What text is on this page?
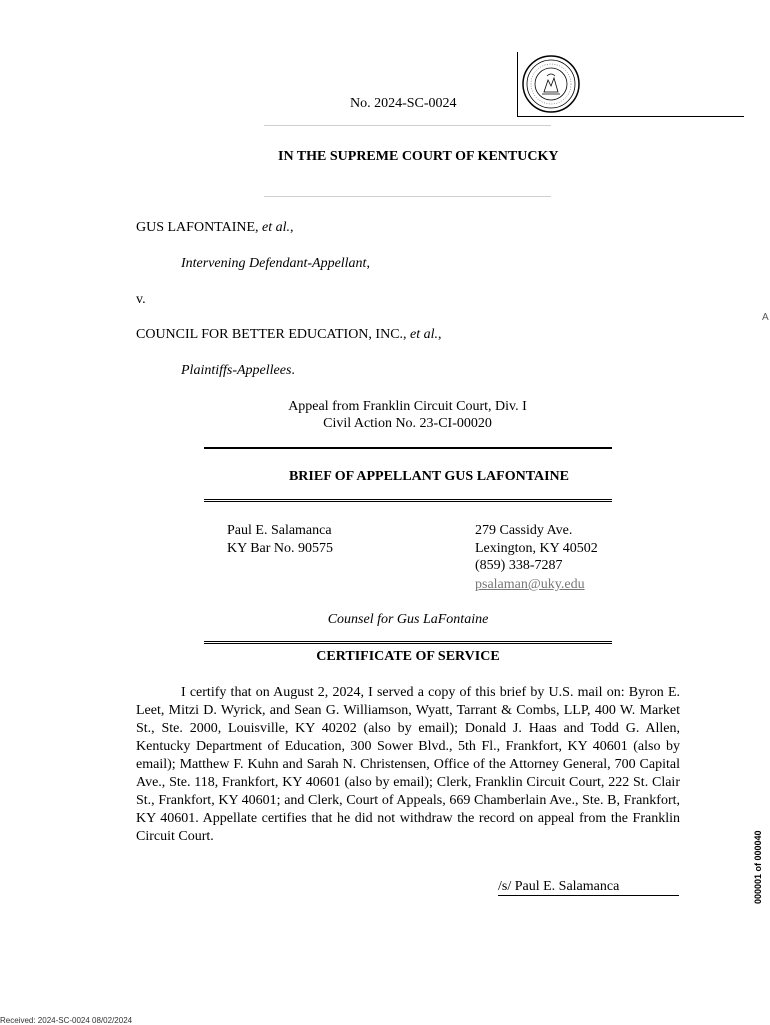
No. 2024-SC-0024
IN THE SUPREME COURT OF KENTUCKY
GUS LAFONTAINE, et al.,
Intervening Defendant-Appellant,
v.
COUNCIL FOR BETTER EDUCATION, INC., et al.,
Plaintiffs-Appellees.
Appeal from Franklin Circuit Court, Div. I
Civil Action No. 23-CI-00020
BRIEF OF APPELLANT GUS LAFONTAINE
Paul E. Salamanca
KY Bar No. 90575
279 Cassidy Ave.
Lexington, KY 40502
(859) 338-7287
psalaman@uky.edu
Counsel for Gus LaFontaine
CERTIFICATE OF SERVICE
I certify that on August 2, 2024, I served a copy of this brief by U.S. mail on: Byron E. Leet, Mitzi D. Wyrick, and Sean G. Williamson, Wyatt, Tarrant & Combs, LLP, 400 W. Market St., Ste. 2000, Louisville, KY 40202 (also by email); Donald J. Haas and Todd G. Allen, Kentucky Department of Education, 300 Sower Blvd., 5th Fl., Frankfort, KY 40601 (also by email); Matthew F. Kuhn and Sarah N. Christensen, Office of the Attorney General, 700 Capital Ave., Ste. 118, Frankfort, KY 40601 (also by email); Clerk, Franklin Circuit Court, 222 St. Clair St., Frankfort, KY 40601; and Clerk, Court of Appeals, 669 Chamberlain Ave., Ste. B, Frankfort, KY 40601. Appellate certifies that he did not withdraw the record on appeal from the Franklin Circuit Court.
/s/ Paul E. Salamanca
A
000001 of 000040
Received: 2024-SC-0024 08/02/2024
